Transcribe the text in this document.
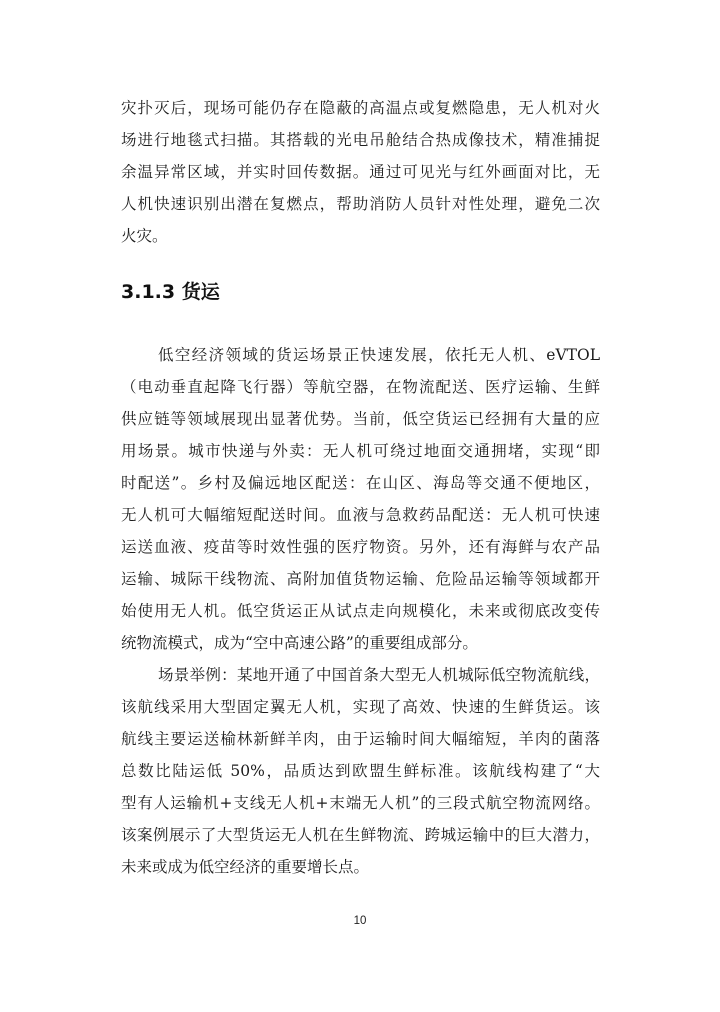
灾扑灭后，现场可能仍存在隐蔽的高温点或复燃隐患，无人机对火
场进行地毯式扫描。其搭载的光电吊舱结合热成像技术，精准捕捉
余温异常区域，并实时回传数据。通过可见光与红外画面对比，无
人机快速识别出潜在复燃点，帮助消防人员针对性处理，避免二次
火灾。
3.1.3 货运
低空经济领域的货运场景正快速发展，依托无人机、eVTOL
（电动垂直起降飞行器）等航空器，在物流配送、医疗运输、生鲜
供应链等领域展现出显著优势。当前，低空货运已经拥有大量的应
用场景。城市快递与外卖：无人机可绕过地面交通拥堵，实现“即
时配送”。乡村及偏远地区配送：在山区、海岛等交通不便地区，
无人机可大幅缩短配送时间。血液与急救药品配送：无人机可快速
运送血液、疫苗等时效性强的医疗物资。另外，还有海鲜与农产品
运输、城际干线物流、高附加值货物运输、危险品运输等领域都开
始使用无人机。低空货运正从试点走向规模化，未来或彻底改变传
统物流模式，成为“空中高速公路”的重要组成部分。
场景举例：某地开通了中国首条大型无人机城际低空物流航线，
该航线采用大型固定翼无人机，实现了高效、快速的生鲜货运。该
航线主要运送榆林新鲜羊肉，由于运输时间大幅缩短，羊肉的菌落
总数比陆运低 50%，品质达到欧盟生鲜标准。该航线构建了“大
型有人运输机+支线无人机+末端无人机”的三段式航空物流网络。
该案例展示了大型货运无人机在生鲜物流、跨城运输中的巨大潜力，
未来或成为低空经济的重要增长点。
10
